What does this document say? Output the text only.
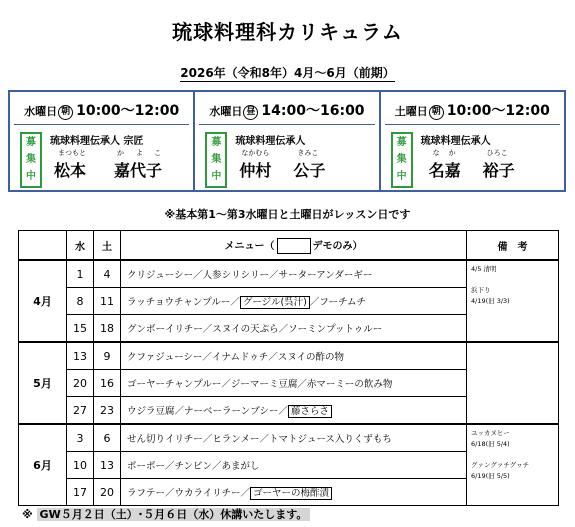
琉球料理科カリキュラム
2026年（令和8年）4月～6月（前期）
水曜日 朝 10:00～12:00
募
集
中
琉球料理伝承人 宗匠
まつもと	か よ こ
松本 嘉代子
水曜日 昼 14:00～16:00
募
集
中
琉球料理伝承人
なかむら	きみこ
仲村 公子
土曜日 朝 10:00～12:00
募
集
中
琉球料理伝承人
な か	ひろこ
名嘉 裕子
※基本第1～第3水曜日と土曜日がレッスン日です
	水	土	メニュー（ デモのみ）	備　考
4月	1	4	クリジューシー／人参シリシリー／サーターアンダーギー	4/5 清明
浜下り
4/19(旧 3/3)

	8	11	ラッチョウチャンプルー／ グージル(呉汁) ／フーチムチ	
	15	18	グンボーイリチー／スヌイの天ぷら／ソーミンプットゥルー	
5月	13	9	クファジューシー／イナムドゥチ／スヌイの酢の物	
	20	16	ゴーヤーチャンプルー／ジーマーミ豆腐／赤マーミーの飲み物	
	27	23	ウジラ豆腐／ナーベーラーンブシー／ 藤さらさ	
6月	3	6	せん切りイリチー／ヒランメー／トマトジュース入りくずもち	ユッカヌヒー
6/18(旧 5/4)
グァングァチグヮチ
6/19(旧 5/5)

	10	13	ポーポー／チンビン／あまがし	
	17	20	ラフテー／ウカライリチー／ ゴーヤーの梅酢漬	
※ GW５月２日（土）･５月６日（水）休講いたします。
